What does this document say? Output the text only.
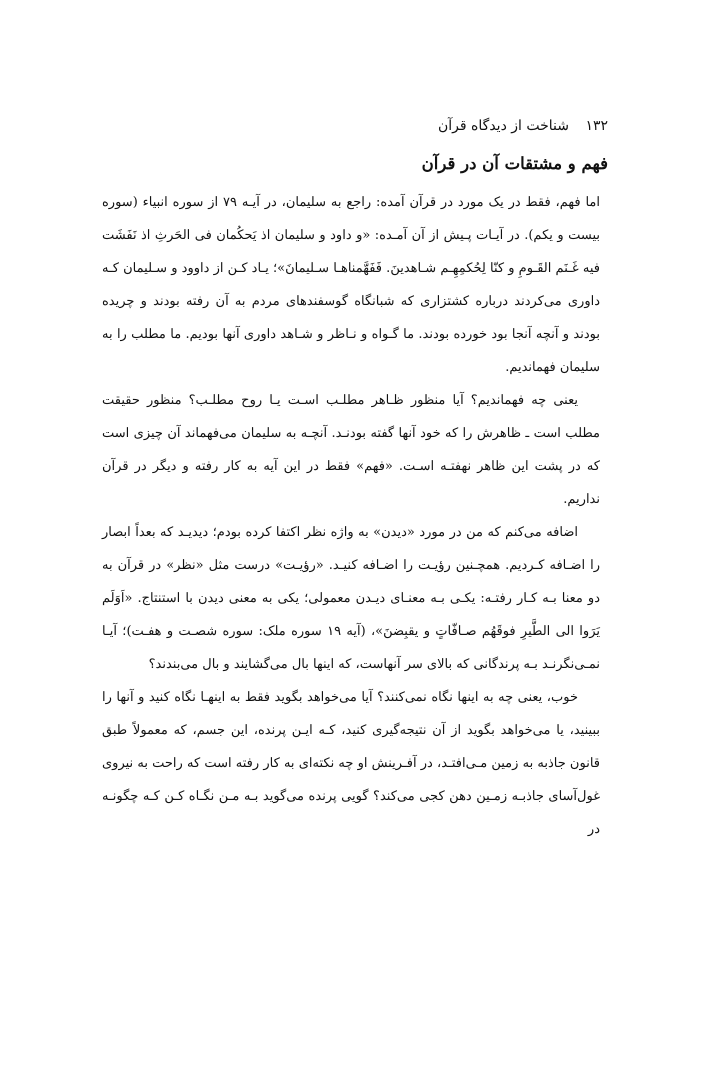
۱۳۲ شناخت از دیدگاه قرآن
فهم و مشتقات آن در قرآن

اما فهم، فقط در یک مورد در قرآن آمده: راجع به سلیمان، در آیـه ۷۹ از سوره انبیاء (سوره بیست و یکم). در آیـات پـیش از آن آمـده: «و داود و سلیمان اذ یَحکُمان فی الحَرثِ اذ نَفَشَت فیه غَـنَم القَـومِ و کنّا لِحُکمِهِـم شـاهدینَ. فَفَهَّمناهـا سـلیمانَ»؛ یـاد کـن از داوود و سـلیمان کـه داوری می‌کردند درباره کشتزاری که شبانگاه گوسفندهای مردم به آن رفته بودند و چریده بودند و آنچه آنجا بود خورده بودند. ما گـواه و نـاظر و شـاهد داوری آنها بودیم. ما مطلب را به سلیمان فهماندیم.

یعنی چه فهماندیم؟ آیا منظور ظـاهر مطلـب اسـت یـا روح مطلـب؟ منظور حقیقت مطلب است ـ ظاهرش را که خود آنها گفته بودنـد. آنچـه به سلیمان می‌فهماند آن چیزی است که در پشت این ظاهر نهفتـه اسـت. «فهم» فقط در این آیه به کار رفته و دیگر در قرآن نداریم.

اضافه می‌کنم که من در مورد «دیدن» به واژه نظر اکتفا کرده بودم؛ دیدیـد که بعداً ابصار را اضـافه کـردیم. همچـنین رؤیـت را اضـافه کنیـد. «رؤیـت» درست مثل «نظر» در قرآن به دو معنا بـه کـار رفتـه: یکـی بـه معنـای دیـدن معمولی؛ یکی به معنی دیدن با استنتاج. «اَوَلَم یَرَوا الی الطَّیرِ فوقَهُم صـافّاتٍ و یقبِضنَ»، (آیه ۱۹ سوره ملک: سوره شصـت و هفـت)؛ آیـا نمـی‌نگرنـد بـه پرندگانی که بالای سر آنهاست، که اینها بال می‌گشایند و بال می‌بندند؟

خوب، یعنی چه به اینها نگاه نمی‌کنند؟ آیا می‌خواهد بگوید فقط به اینهـا نگاه کنید و آنها را ببینید، یا می‌خواهد بگوید از آن نتیجه‌گیری کنید، کـه ایـن پرنده، این جسم، که معمولاً طبق قانون جاذبه به زمین مـی‌افتـد، در آفـرینش او چه نکته‌ای به کار رفته است که راحت به نیروی غول‌آسای جاذبـه زمـین دهن کجی می‌کند؟ گویی پرنده می‌گوید بـه مـن نگـاه کـن کـه چگونـه در
